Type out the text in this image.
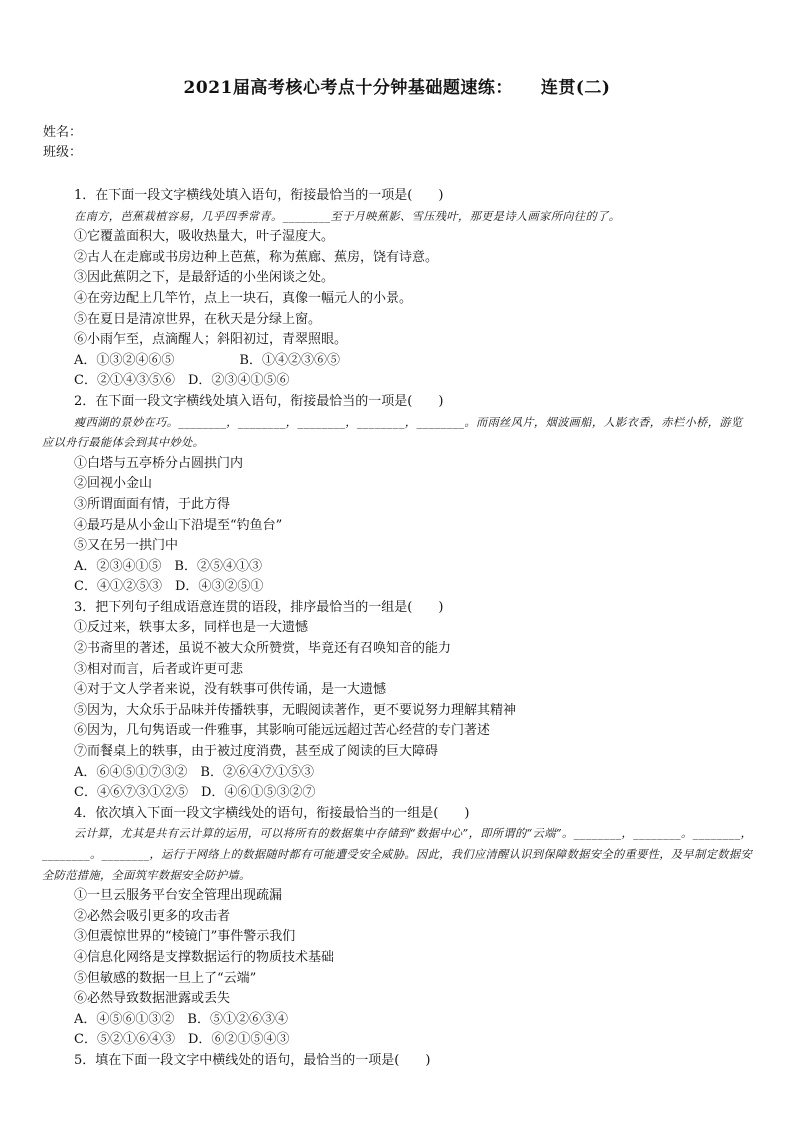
2021届高考核心考点十分钟基础题速练： 连贯(二)
姓名：
班级：
1．在下面一段文字横线处填入语句，衔接最恰当的一项是(　　)
在南方，芭蕉栽植容易，几乎四季常青。________至于月映蕉影、雪压残叶，那更是诗人画家所向往的了。
①它覆盖面积大，吸收热量大，叶子湿度大。
②古人在走廊或书房边种上芭蕉，称为蕉廊、蕉房，饶有诗意。
③因此蕉阴之下，是最舒适的小坐闲谈之处。
④在旁边配上几竿竹，点上一块石，真像一幅元人的小景。
⑤在夏日是清凉世界，在秋天是分绿上窗。
⑥小雨乍至，点滴醒人；斜阳初过，青翠照眼。
A．①③②④⑥⑤　　　　　B．①④②③⑥⑤
C．②①④③⑤⑥　D．②③④①⑤⑥
2．在下面一段文字横线处填入语句，衔接最恰当的一项是(　　)
瘦西湖的景妙在巧。________，________，________，________，________。而雨丝风片，烟波画船，人影衣香，赤栏小桥，游览应以舟行最能体会到其中妙处。
①白塔与五亭桥分占圆拱门内
②回视小金山
③所谓面面有情，于此方得
④最巧是从小金山下沿堤至“钓鱼台”
⑤又在另一拱门中
A．②③④①⑤　B．②⑤④①③
C．④①②⑤③　D．④③②⑤①
3．把下列句子组成语意连贯的语段，排序最恰当的一组是(　　)
①反过来，轶事太多，同样也是一大遗憾
②书斋里的著述，虽说不被大众所赞赏，毕竟还有召唤知音的能力
③相对而言，后者或许更可悲
④对于文人学者来说，没有轶事可供传诵，是一大遗憾
⑤因为，大众乐于品味并传播轶事，无暇阅读著作，更不要说努力理解其精神
⑥因为，几句隽语或一件雅事，其影响可能远远超过苦心经营的专门著述
⑦而餐桌上的轶事，由于被过度消费，甚至成了阅读的巨大障碍
A．⑥④⑤①⑦③②　B．②⑥④⑦①⑤③
C．④⑥⑦③①②⑤　D．④⑥①⑤③②⑦
4．依次填入下面一段文字横线处的语句，衔接最恰当的一组是(　　)
云计算，尤其是共有云计算的运用，可以将所有的数据集中存储到“数据中心”，即所谓的“云端”。________，________。________，________。________，运行于网络上的数据随时都有可能遭受安全威胁。因此，我们应清醒认识到保障数据安全的重要性，及早制定数据安全防范措施，全面筑牢数据安全防护墙。
①一旦云服务平台安全管理出现疏漏
②必然会吸引更多的攻击者
③但震惊世界的“棱镜门”事件警示我们
④信息化网络是支撑数据运行的物质技术基础
⑤但敏感的数据一旦上了“云端”
⑥必然导致数据泄露或丢失
A．④⑤⑥①③②　B．⑤①②⑥③④
C．⑤②①⑥④③　D．⑥②①⑤④③
5．填在下面一段文字中横线处的语句，最恰当的一项是(　　)
